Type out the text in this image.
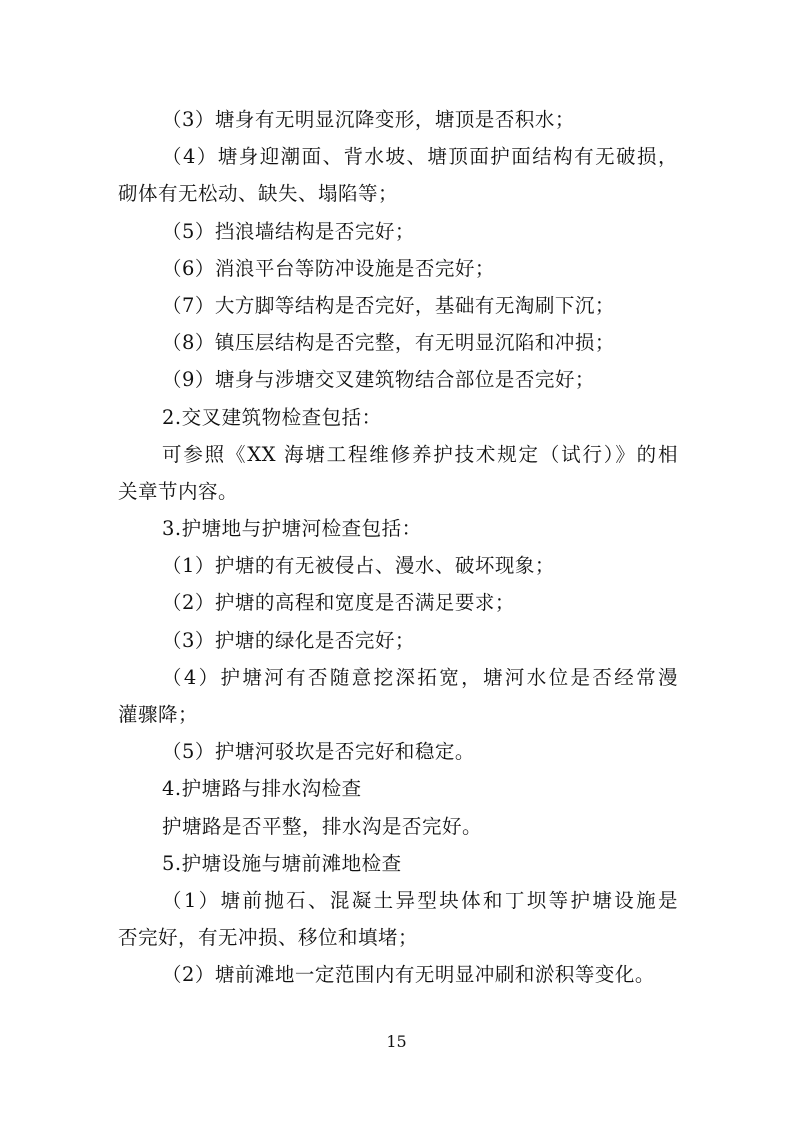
（3）塘身有无明显沉降变形，塘顶是否积水；
（4）塘身迎潮面、背水坡、塘顶面护面结构有无破损，
砌体有无松动、缺失、塌陷等；
（5）挡浪墙结构是否完好；
（6）消浪平台等防冲设施是否完好；
（7）大方脚等结构是否完好，基础有无淘刷下沉；
（8）镇压层结构是否完整，有无明显沉陷和冲损；
（9）塘身与涉塘交叉建筑物结合部位是否完好；
2.交叉建筑物检查包括：
可参照《XX 海塘工程维修养护技术规定（试行）》的相
关章节内容。
3.护塘地与护塘河检查包括：
（1）护塘的有无被侵占、漫水、破坏现象；
（2）护塘的高程和宽度是否满足要求；
（3）护塘的绿化是否完好；
（4）护塘河有否随意挖深拓宽，塘河水位是否经常漫
灌骤降；
（5）护塘河驳坎是否完好和稳定。
4.护塘路与排水沟检查
护塘路是否平整，排水沟是否完好。
5.护塘设施与塘前滩地检查
（1）塘前抛石、混凝土异型块体和丁坝等护塘设施是
否完好，有无冲损、移位和填堵；
（2）塘前滩地一定范围内有无明显冲刷和淤积等变化。
15
